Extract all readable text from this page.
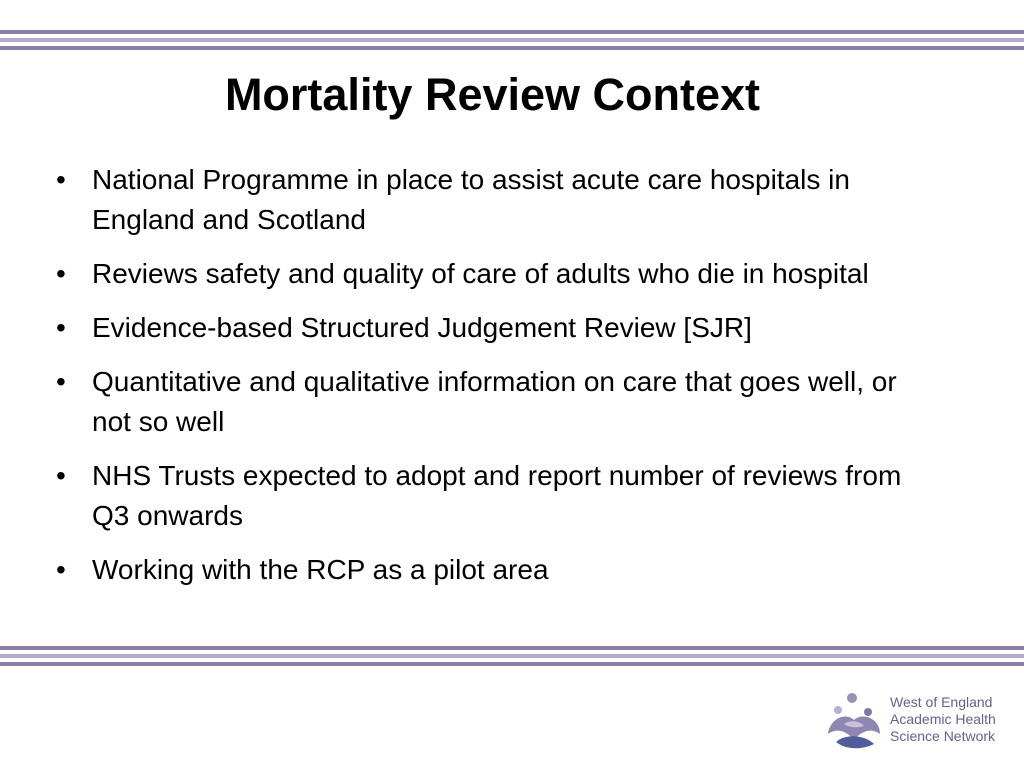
Mortality Review Context
• National Programme in place to assist acute care hospitals in England and Scotland
• Reviews safety and quality of care of adults who die in hospital
• Evidence-based Structured Judgement Review [SJR]
• Quantitative and qualitative information on care that goes well, or not so well
• NHS Trusts expected to adopt and report number of reviews from Q3 onwards
• Working with the RCP as a pilot area
West of England
Academic Health
Science Network
